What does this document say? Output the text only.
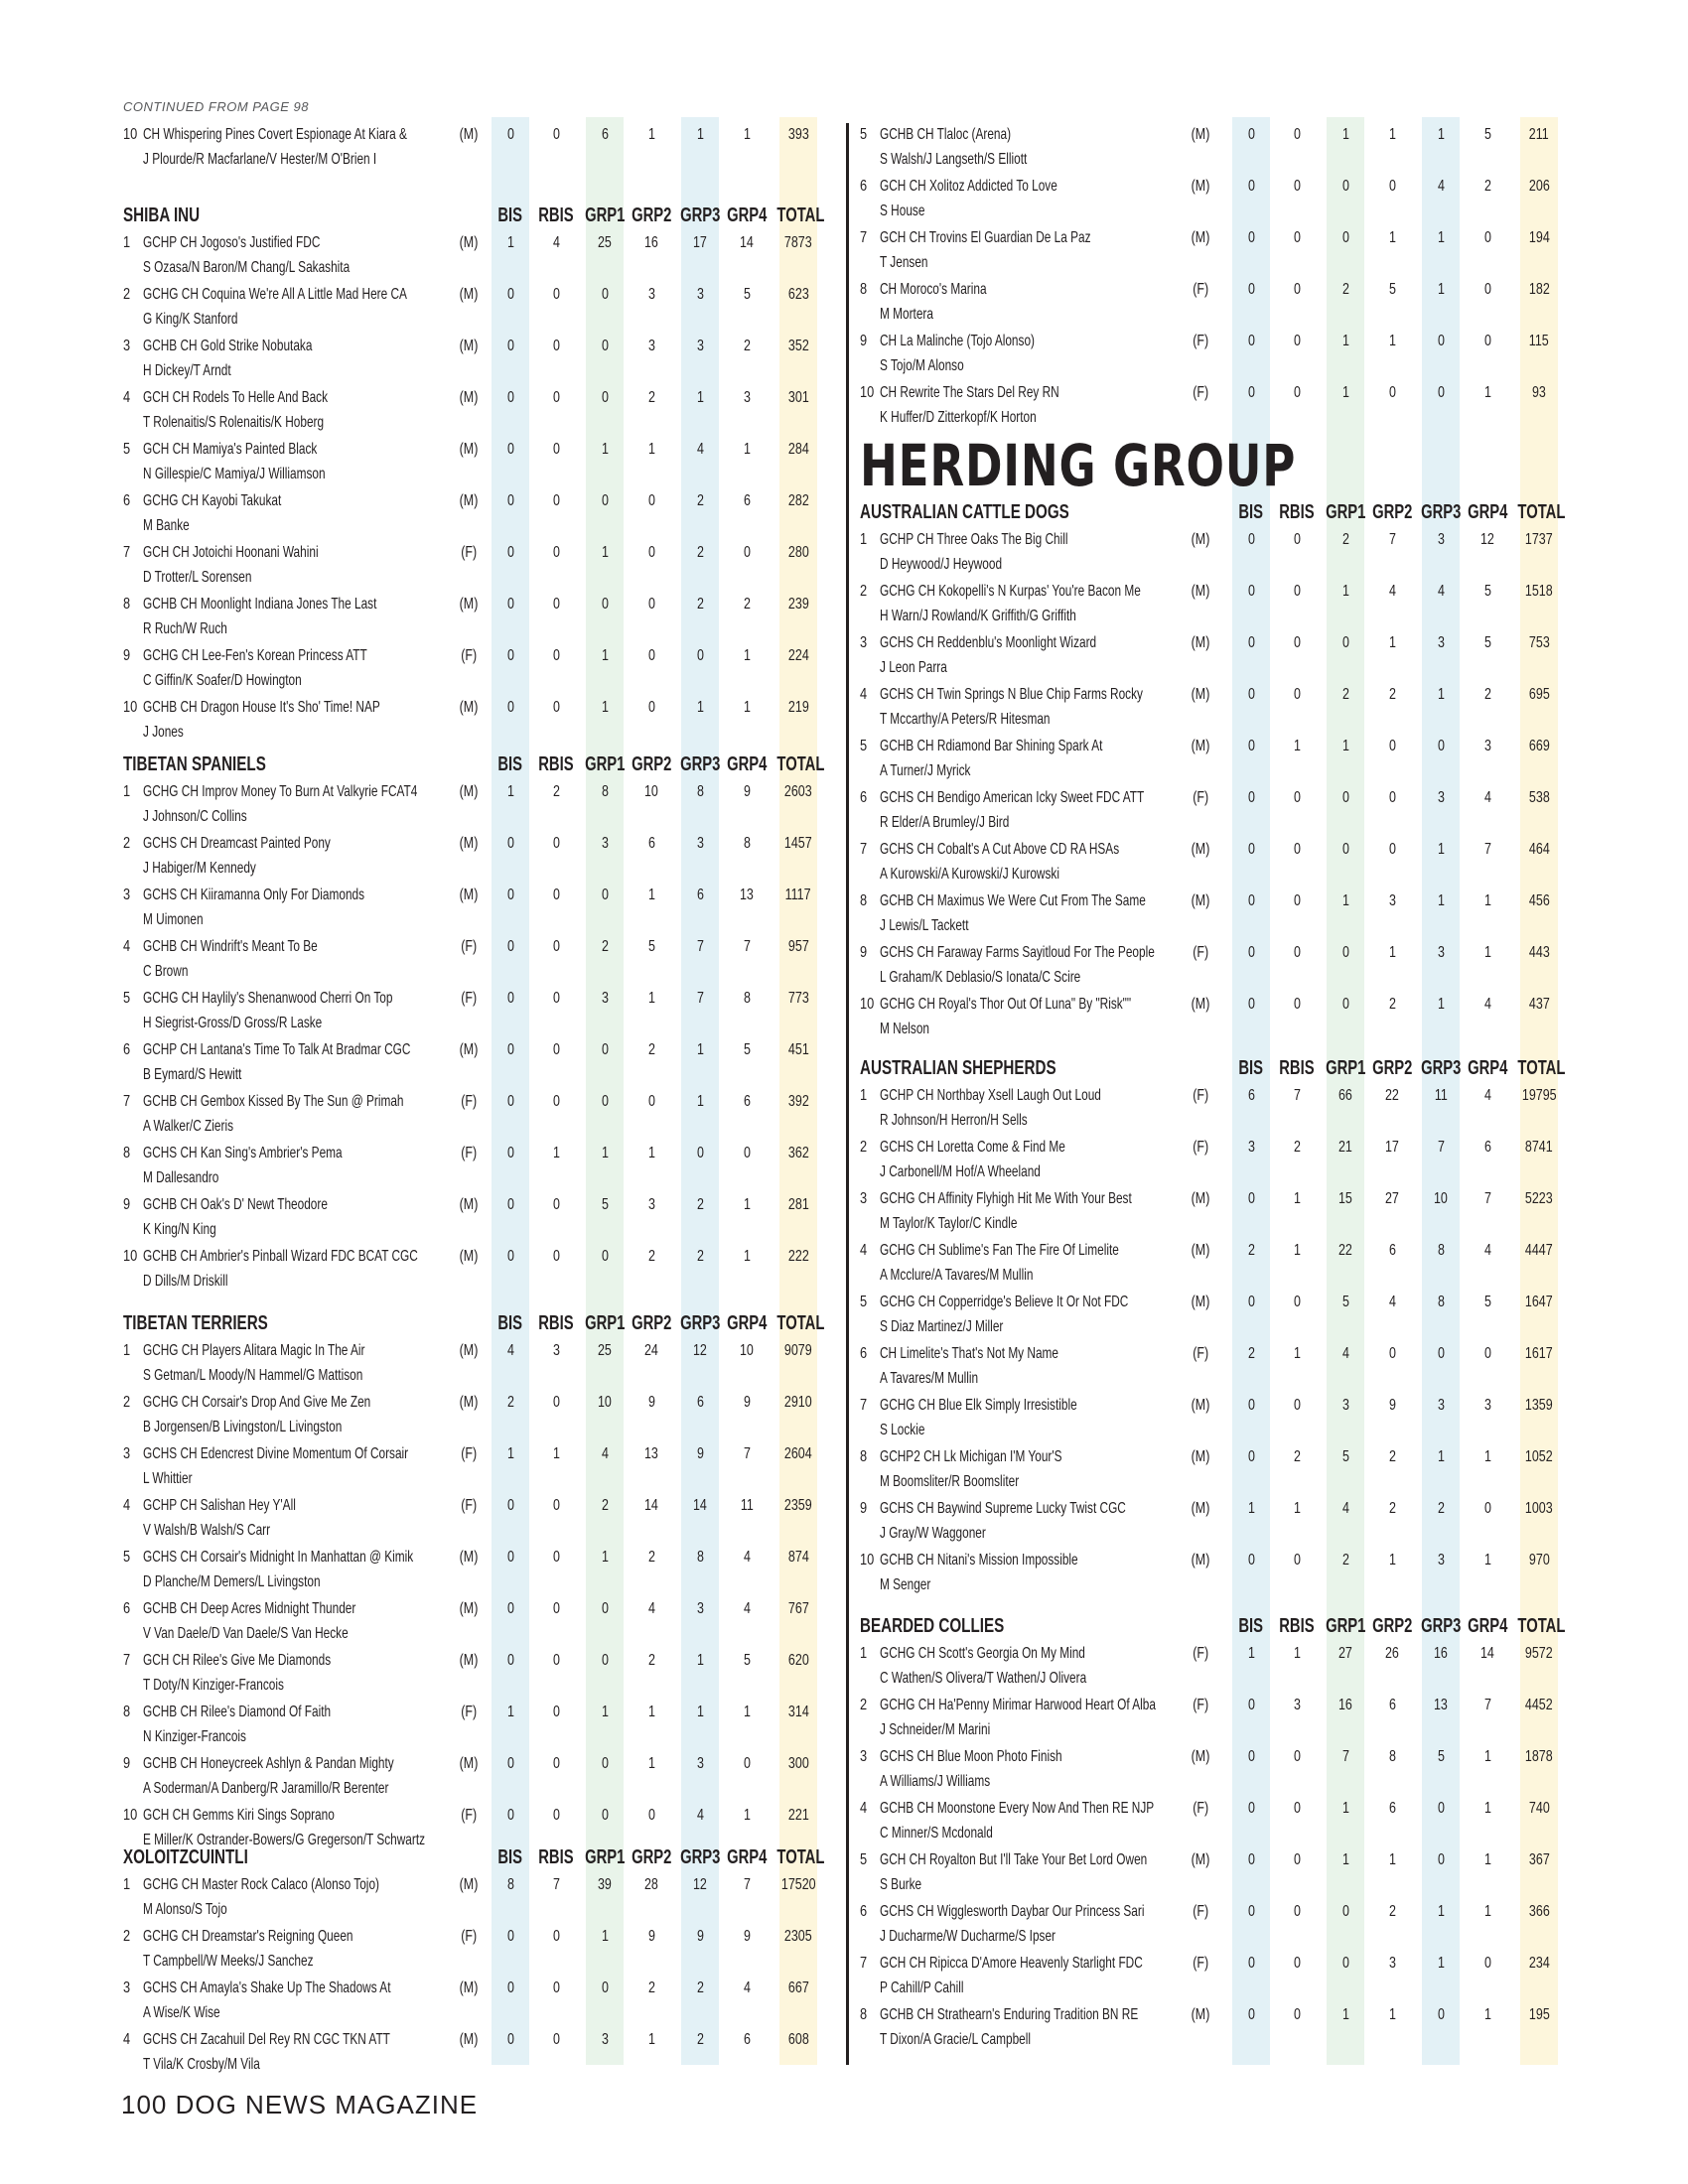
CONTINUED FROM PAGE 98
10 CH Whispering Pines Covert Espionage At Kiara &
J Plourde/R Macfarlane/V Hester/M O'Brien I
(M)	0	0	6	1	1	1	393
SHIBA INU	BIS RBIS GRP1 GRP2 GRP3 GRP4 TOTAL
1 GCHP CH Jogoso's Justified FDC
S Ozasa/N Baron/M Chang/L Sakashita
(M)	1	4	25	16	17	14	7873
2 GCHG CH Coquina We're All A Little Mad Here CA
G King/K Stanford
(M)	0	0	0	3	3	5	623
3 GCHB CH Gold Strike Nobutaka
H Dickey/T Arndt
(M)	0	0	0	3	3	2	352
4 GCH CH Rodels To Helle And Back
T Rolenaitis/S Rolenaitis/K Hoberg
(M)	0	0	0	2	1	3	301
5 GCH CH Mamiya's Painted Black
N Gillespie/C Mamiya/J Williamson
(M)	0	0	1	1	4	1	284
6 GCHG CH Kayobi Takukat
M Banke
(M)	0	0	0	0	2	6	282
7 GCH CH Jotoichi Hoonani Wahini
D Trotter/L Sorensen
(F)	0	0	1	0	2	0	280
8 GCHB CH Moonlight Indiana Jones The Last
R Ruch/W Ruch
(M)	0	0	0	0	2	2	239
9 GCHG CH Lee-Fen's Korean Princess ATT
C Giffin/K Soafer/D Howington
(F)	0	0	1	0	0	1	224
10 GCHB CH Dragon House It's Sho' Time! NAP
J Jones
(M)	0	0	1	0	1	1	219
TIBETAN SPANIELS	BIS RBIS GRP1 GRP2 GRP3 GRP4 TOTAL
1 GCHG CH Improv Money To Burn At Valkyrie FCAT4
J Johnson/C Collins
(M)	1	2	8	10	8	9	2603
2 GCHS CH Dreamcast Painted Pony
J Habiger/M Kennedy
(M)	0	0	3	6	3	8	1457
3 GCHS CH Kiiramanna Only For Diamonds
M Uimonen
(M)	0	0	0	1	6	13	1117
4 GCHB CH Windrift's Meant To Be
C Brown
(F)	0	0	2	5	7	7	957
5 GCHG CH Haylily's Shenanwood Cherri On Top
H Siegrist-Gross/D Gross/R Laske
(F)	0	0	3	1	7	8	773
6 GCHP CH Lantana's Time To Talk At Bradmar CGC
B Eymard/S Hewitt
(M)	0	0	0	2	1	5	451
7 GCHB CH Gembox Kissed By The Sun @ Primah
A Walker/C Zieris
(F)	0	0	0	0	1	6	392
8 GCHS CH Kan Sing's Ambrier's Pema
M Dallesandro
(F)	0	1	1	1	0	0	362
9 GCHB CH Oak's D' Newt Theodore
K King/N King
(M)	0	0	5	3	2	1	281
10 GCHB CH Ambrier's Pinball Wizard FDC BCAT CGC
D Dills/M Driskill
(M)	0	0	0	2	2	1	222
TIBETAN TERRIERS	BIS RBIS GRP1 GRP2 GRP3 GRP4 TOTAL
1 GCHG CH Players Alitara Magic In The Air
S Getman/L Moody/N Hammel/G Mattison
(M)	4	3	25	24	12	10	9079
2 GCHG CH Corsair's Drop And Give Me Zen
B Jorgensen/B Livingston/L Livingston
(M)	2	0	10	9	6	9	2910
3 GCHS CH Edencrest Divine Momentum Of Corsair
L Whittier
(F)	1	1	4	13	9	7	2604
4 GCHP CH Salishan Hey Y'All
V Walsh/B Walsh/S Carr
(F)	0	0	2	14	14	11	2359
5 GCHS CH Corsair's Midnight In Manhattan @ Kimik
D Planche/M Demers/L Livingston
(M)	0	0	1	2	8	4	874
6 GCHB CH Deep Acres Midnight Thunder
V Van Daele/D Van Daele/S Van Hecke
(M)	0	0	0	4	3	4	767
7 GCH CH Rilee's Give Me Diamonds
T Doty/N Kinziger-Francois
(M)	0	0	0	2	1	5	620
8 GCHB CH Rilee's Diamond Of Faith
N Kinziger-Francois
(F)	1	0	1	1	1	1	314
9 GCHB CH Honeycreek Ashlyn & Pandan Mighty
A Soderman/A Danberg/R Jaramillo/R Berenter
(M)	0	0	0	1	3	0	300
10 GCH CH Gemms Kiri Sings Soprano
E Miller/K Ostrander-Bowers/G Gregerson/T Schwartz
(F)	0	0	0	0	4	1	221
XOLOITZCUINTLI	BIS RBIS GRP1 GRP2 GRP3 GRP4 TOTAL
1 GCHG CH Master Rock Calaco (Alonso Tojo)
M Alonso/S Tojo
(M)	8	7	39	28	12	7	17520
2 GCHG CH Dreamstar's Reigning Queen
T Campbell/W Meeks/J Sanchez
(F)	0	0	1	9	9	9	2305
3 GCHS CH Amayla's Shake Up The Shadows At
A Wise/K Wise
(M)	0	0	0	2	2	4	667
4 GCHS CH Zacahuil Del Rey RN CGC TKN ATT
T Vila/K Crosby/M Vila
(M)	0	0	3	1	2	6	608
5 GCHB CH Tlaloc (Arena)
S Walsh/J Langseth/S Elliott
(M)	0	0	1	1	1	5	211
6 GCH CH Xolitoz Addicted To Love
S House
(M)	0	0	0	0	4	2	206
7 GCH CH Trovins El Guardian De La Paz
T Jensen
(M)	0	0	0	1	1	0	194
8 CH Moroco's Marina
M Mortera
(F)	0	0	2	5	1	0	182
9 CH La Malinche (Tojo Alonso)
S Tojo/M Alonso
(F)	0	0	1	1	0	0	115
10 CH Rewrite The Stars Del Rey RN
K Huffer/D Zitterkopf/K Horton
(F)	0	0	1	0	0	1	93
HERDING GROUP
AUSTRALIAN CATTLE DOGS	BIS RBIS GRP1 GRP2 GRP3 GRP4 TOTAL
1 GCHP CH Three Oaks The Big Chill
D Heywood/J Heywood
(M)	0	0	2	7	3	12	1737
2 GCHG CH Kokopelli's N Kurpas' You're Bacon Me
H Warn/J Rowland/K Griffith/G Griffith
(M)	0	0	1	4	4	5	1518
3 GCHS CH Reddenblu's Moonlight Wizard
J Leon Parra
(M)	0	0	0	1	3	5	753
4 GCHS CH Twin Springs N Blue Chip Farms Rocky
T Mccarthy/A Peters/R Hitesman
(M)	0	0	2	2	1	2	695
5 GCHB CH Rdiamond Bar Shining Spark At
A Turner/J Myrick
(M)	0	1	1	0	0	3	669
6 GCHS CH Bendigo American Icky Sweet FDC ATT
R Elder/A Brumley/J Bird
(F)	0	0	0	0	3	4	538
7 GCHS CH Cobalt's A Cut Above CD RA HSAs
A Kurowski/A Kurowski/J Kurowski
(M)	0	0	0	0	1	7	464
8 GCHB CH Maximus We Were Cut From The Same
J Lewis/L Tackett
(M)	0	0	1	3	1	1	456
9 GCHS CH Faraway Farms Sayitloud For The People
L Graham/K Deblasio/S Ionata/C Scire
(F)	0	0	0	1	3	1	443
10 GCHG CH Royal's Thor Out Of Luna" By "Risk""
M Nelson
(M)	0	0	0	2	1	4	437
AUSTRALIAN SHEPHERDS	BIS RBIS GRP1 GRP2 GRP3 GRP4 TOTAL
1 GCHP CH Northbay Xsell Laugh Out Loud
R Johnson/H Herron/H Sells
(F)	6	7	66	22	11	4	19795
2 GCHS CH Loretta Come & Find Me
J Carbonell/M Hof/A Wheeland
(F)	3	2	21	17	7	6	8741
3 GCHG CH Affinity Flyhigh Hit Me With Your Best
M Taylor/K Taylor/C Kindle
(M)	0	1	15	27	10	7	5223
4 GCHG CH Sublime's Fan The Fire Of Limelite
A Mcclure/A Tavares/M Mullin
(M)	2	1	22	6	8	4	4447
5 GCHG CH Copperridge's Believe It Or Not FDC
S Diaz Martinez/J Miller
(M)	0	0	5	4	8	5	1647
6 CH Limelite's That's Not My Name
A Tavares/M Mullin
(F)	2	1	4	0	0	0	1617
7 GCHG CH Blue Elk Simply Irresistible
S Lockie
(M)	0	0	3	9	3	3	1359
8 GCHP2 CH Lk Michigan I'M Your'S
M Boomsliter/R Boomsliter
(M)	0	2	5	2	1	1	1052
9 GCHS CH Baywind Supreme Lucky Twist CGC
J Gray/W Waggoner
(M)	1	1	4	2	2	0	1003
10 GCHB CH Nitani's Mission Impossible
M Senger
(M)	0	0	2	1	3	1	970
BEARDED COLLIES	BIS RBIS GRP1 GRP2 GRP3 GRP4 TOTAL
1 GCHG CH Scott's Georgia On My Mind
C Wathen/S Olivera/T Wathen/J Olivera
(F)	1	1	27	26	16	14	9572
2 GCHG CH Ha'Penny Mirimar Harwood Heart Of Alba
J Schneider/M Marini
(F)	0	3	16	6	13	7	4452
3 GCHS CH Blue Moon Photo Finish
A Williams/J Williams
(M)	0	0	7	8	5	1	1878
4 GCHB CH Moonstone Every Now And Then RE NJP
C Minner/S Mcdonald
(F)	0	0	1	6	0	1	740
5 GCH CH Royalton But I'll Take Your Bet Lord Owen
S Burke
(M)	0	0	1	1	0	1	367
6 GCHS CH Wigglesworth Daybar Our Princess Sari
J Ducharme/W Ducharme/S Ipser
(F)	0	0	0	2	1	1	366
7 GCH CH Ripicca D'Amore Heavenly Starlight FDC
P Cahill/P Cahill
(F)	0	0	0	3	1	0	234
8 GCHB CH Strathearn's Enduring Tradition BN RE
T Dixon/A Gracie/L Campbell
(M)	0	0	1	1	0	1	195
100 DOG NEWS MAGAZINE
